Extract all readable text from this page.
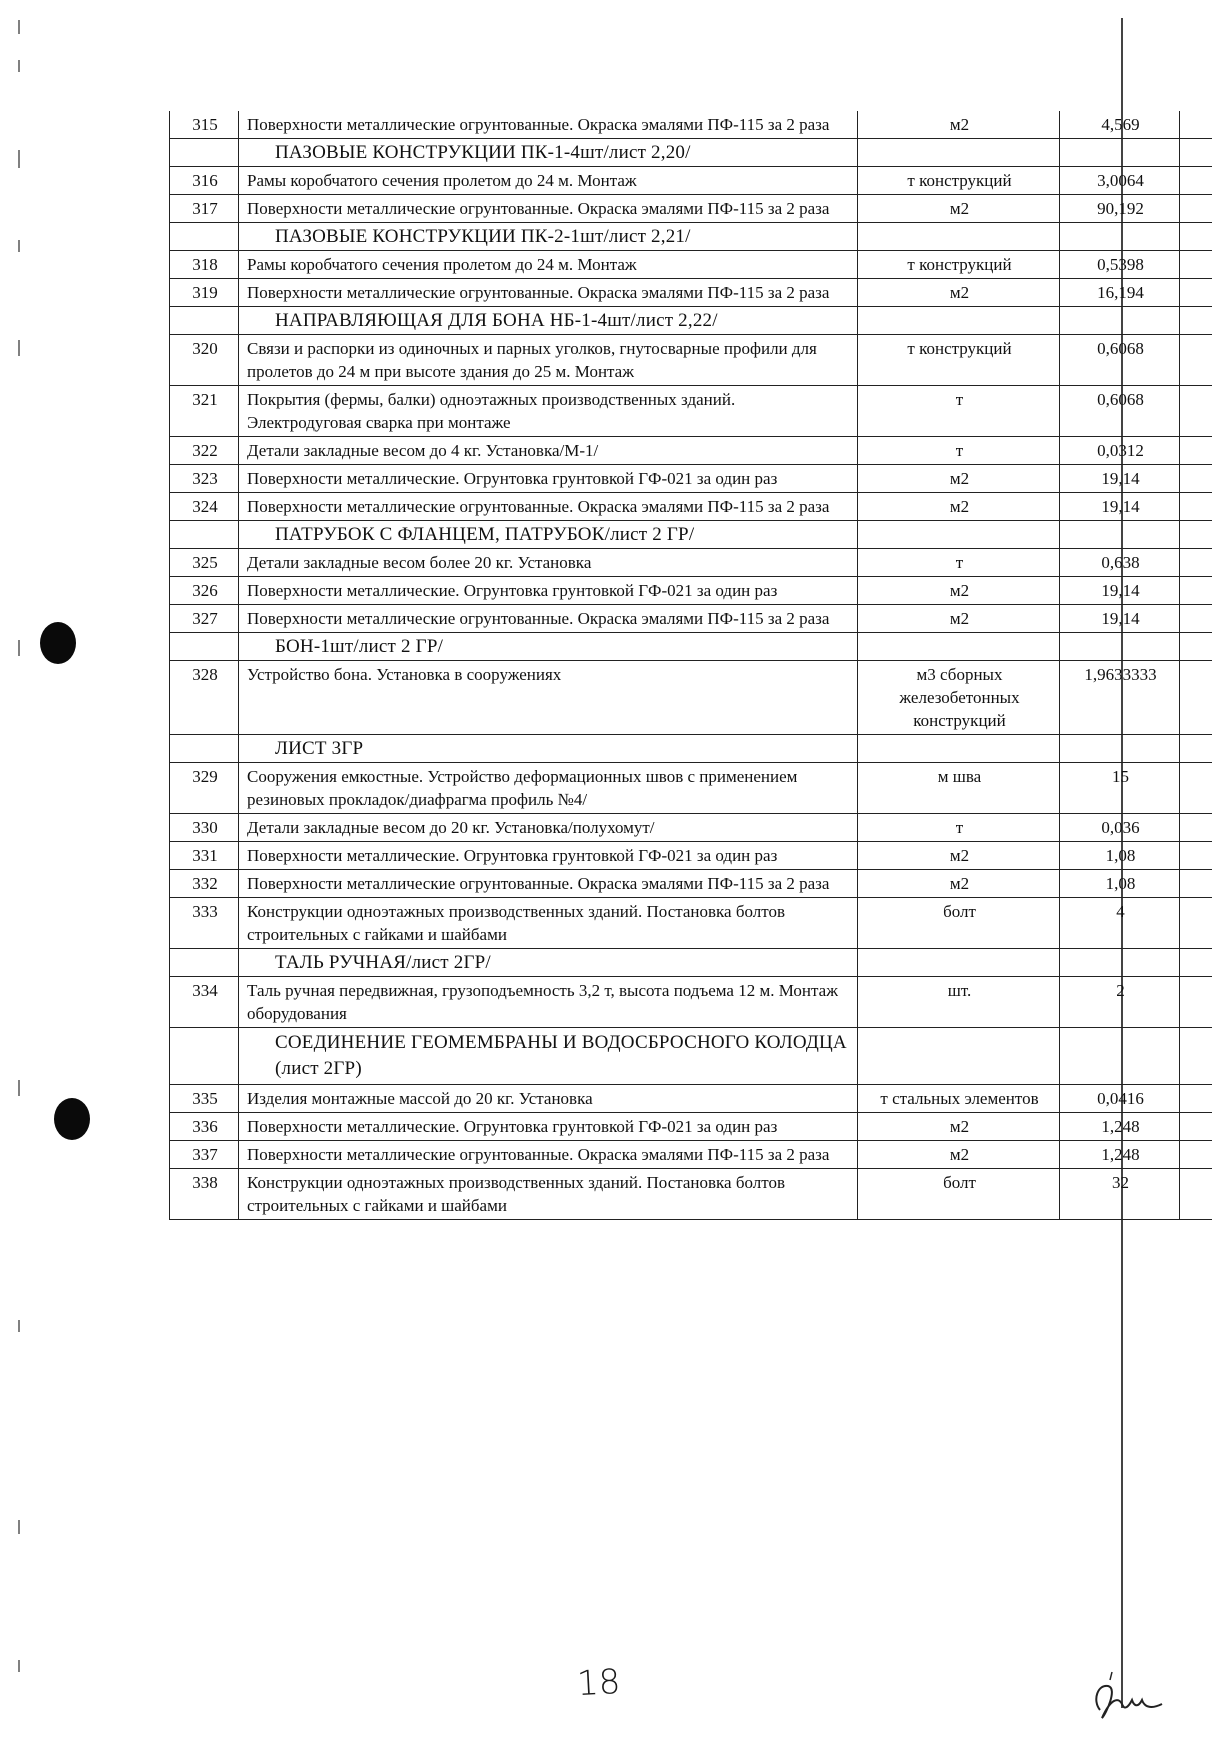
315	Поверхности металлические огрунтованные. Окраска эмалями ПФ-115 за 2 раза	м2	4,569	
	ПАЗОВЫЕ КОНСТРУКЦИИ ПК-1-4шт/лист 2,20/			
316	Рамы коробчатого сечения пролетом до 24 м. Монтаж	т конструкций	3,0064	
317	Поверхности металлические огрунтованные. Окраска эмалями ПФ-115 за 2 раза	м2	90,192	
	ПАЗОВЫЕ КОНСТРУКЦИИ ПК-2-1шт/лист 2,21/			
318	Рамы коробчатого сечения пролетом до 24 м. Монтаж	т конструкций	0,5398	
319	Поверхности металлические огрунтованные. Окраска эмалями ПФ-115 за 2 раза	м2	16,194	
	НАПРАВЛЯЮЩАЯ ДЛЯ БОНА НБ-1-4шт/лист 2,22/			
320	Связи и распорки из одиночных и парных уголков, гнутосварные профили для пролетов до 24 м при высоте здания до 25 м. Монтаж	т конструкций	0,6068	
321	Покрытия (фермы, балки) одноэтажных производственных зданий. Электродуговая сварка при монтаже	т	0,6068	
322	Детали закладные весом до 4 кг. Установка/М-1/	т	0,0312	
323	Поверхности металлические. Огрунтовка грунтовкой ГФ-021 за один раз	м2	19,14	
324	Поверхности металлические огрунтованные. Окраска эмалями ПФ-115 за 2 раза	м2	19,14	
	ПАТРУБОК С ФЛАНЦЕМ, ПАТРУБОК/лист 2 ГР/			
325	Детали закладные весом более 20 кг. Установка	т	0,638	
326	Поверхности металлические. Огрунтовка грунтовкой ГФ-021 за один раз	м2	19,14	
327	Поверхности металлические огрунтованные. Окраска эмалями ПФ-115 за 2 раза	м2	19,14	
	БОН-1шт/лист 2 ГР/			
328	Устройство бона. Установка в сооружениях	м3 сборных железобетонных конструкций	1,9633333	
	ЛИСТ 3ГР			
329	Сооружения емкостные. Устройство деформационных швов с применением резиновых прокладок/диафрагма профиль №4/	м шва	15	
330	Детали закладные весом до 20 кг. Установка/полухомут/	т	0,036	
331	Поверхности металлические. Огрунтовка грунтовкой ГФ-021 за один раз	м2	1,08	
332	Поверхности металлические огрунтованные. Окраска эмалями ПФ-115 за 2 раза	м2	1,08	
333	Конструкции одноэтажных производственных зданий. Постановка болтов строительных с гайками и шайбами	болт	4	
	ТАЛЬ РУЧНАЯ/лист 2ГР/			
334	Таль ручная передвижная, грузоподъемность 3,2 т, высота подъема 12 м. Монтаж оборудования	шт.	2	
	СОЕДИНЕНИЕ ГЕОМЕМБРАНЫ И ВОДОСБРОСНОГО КОЛОДЦА (лист 2ГР)			
335	Изделия монтажные массой до 20 кг. Установка	т стальных элементов	0,0416	
336	Поверхности металлические. Огрунтовка грунтовкой ГФ-021 за один раз	м2	1,248	
337	Поверхности металлические огрунтованные. Окраска эмалями ПФ-115 за 2 раза	м2	1,248	
338	Конструкции одноэтажных производственных зданий. Постановка болтов строительных с гайками и шайбами	болт	32	
18
